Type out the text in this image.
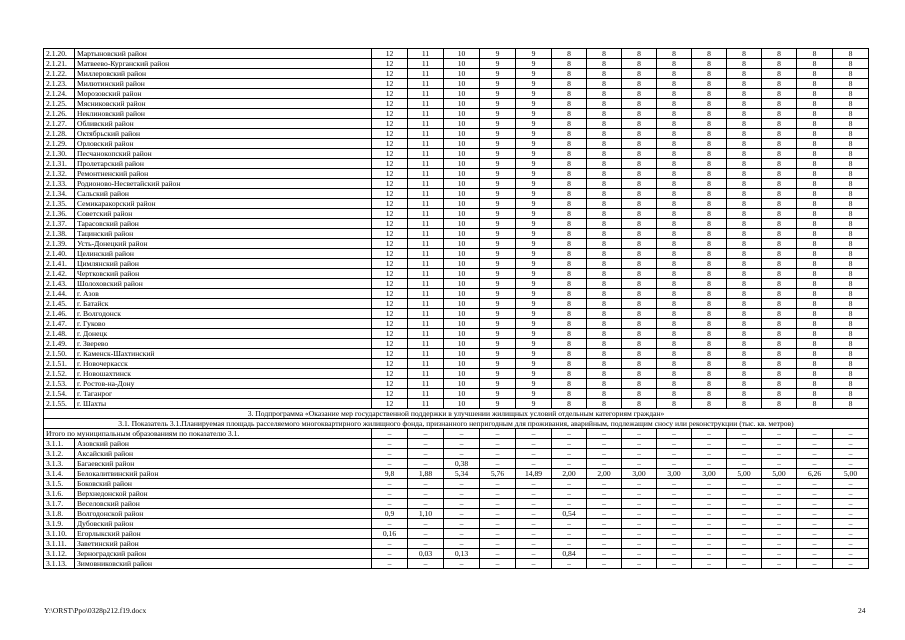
2.1.20.	Мартыновский район	12	11	10	9	9	8	8	8	8	8	8	8	8	8
2.1.21.	Матвеево-Курганский район	12	11	10	9	9	8	8	8	8	8	8	8	8	8
2.1.22.	Миллеровский район	12	11	10	9	9	8	8	8	8	8	8	8	8	8
2.1.23.	Милютинский район	12	11	10	9	9	8	8	8	8	8	8	8	8	8
2.1.24.	Морозовский район	12	11	10	9	9	8	8	8	8	8	8	8	8	8
2.1.25.	Мясниковский район	12	11	10	9	9	8	8	8	8	8	8	8	8	8
2.1.26.	Неклиновский район	12	11	10	9	9	8	8	8	8	8	8	8	8	8
2.1.27.	Обливский район	12	11	10	9	9	8	8	8	8	8	8	8	8	8
2.1.28.	Октябрьский район	12	11	10	9	9	8	8	8	8	8	8	8	8	8
2.1.29.	Орловский район	12	11	10	9	9	8	8	8	8	8	8	8	8	8
2.1.30.	Песчанокопский район	12	11	10	9	9	8	8	8	8	8	8	8	8	8
2.1.31.	Пролетарский район	12	11	10	9	9	8	8	8	8	8	8	8	8	8
2.1.32.	Ремонтненский район	12	11	10	9	9	8	8	8	8	8	8	8	8	8
2.1.33.	Родионово-Несветайский район	12	11	10	9	9	8	8	8	8	8	8	8	8	8
2.1.34.	Сальский район	12	11	10	9	9	8	8	8	8	8	8	8	8	8
2.1.35.	Семикаракорский район	12	11	10	9	9	8	8	8	8	8	8	8	8	8
2.1.36.	Советский район	12	11	10	9	9	8	8	8	8	8	8	8	8	8
2.1.37.	Тарасовский район	12	11	10	9	9	8	8	8	8	8	8	8	8	8
2.1.38.	Тацинский район	12	11	10	9	9	8	8	8	8	8	8	8	8	8
2.1.39.	Усть-Донецкий район	12	11	10	9	9	8	8	8	8	8	8	8	8	8
2.1.40.	Целинский район	12	11	10	9	9	8	8	8	8	8	8	8	8	8
2.1.41.	Цимлянский район	12	11	10	9	9	8	8	8	8	8	8	8	8	8
2.1.42.	Чертковский район	12	11	10	9	9	8	8	8	8	8	8	8	8	8
2.1.43.	Шолоховский район	12	11	10	9	9	8	8	8	8	8	8	8	8	8
2.1.44.	г. Азов	12	11	10	9	9	8	8	8	8	8	8	8	8	8
2.1.45.	г. Батайск	12	11	10	9	9	8	8	8	8	8	8	8	8	8
2.1.46.	г. Волгодонск	12	11	10	9	9	8	8	8	8	8	8	8	8	8
2.1.47.	г. Гуково	12	11	10	9	9	8	8	8	8	8	8	8	8	8
2.1.48.	г. Донецк	12	11	10	9	9	8	8	8	8	8	8	8	8	8
2.1.49.	г. Зверево	12	11	10	9	9	8	8	8	8	8	8	8	8	8
2.1.50.	г. Каменск-Шахтинский	12	11	10	9	9	8	8	8	8	8	8	8	8	8
2.1.51.	г. Новочеркасск	12	11	10	9	9	8	8	8	8	8	8	8	8	8
2.1.52.	г. Новошахтинск	12	11	10	9	9	8	8	8	8	8	8	8	8	8
2.1.53.	г. Ростов-на-Дону	12	11	10	9	9	8	8	8	8	8	8	8	8	8
2.1.54.	г. Таганрог	12	11	10	9	9	8	8	8	8	8	8	8	8	8
2.1.55.	г. Шахты	12	11	10	9	9	8	8	8	8	8	8	8	8	8
3. Подпрограмма «Оказание мер государственной поддержки в улучшении жилищных условий отдельным категориям граждан»															
3.1. Показатель 3.1.Планируемая площадь расселяемого многоквартирного жилищного фонда, признанного непригодным для проживания, аварийным, подлежащим сносу или реконструкции (тыс. кв. метров)															
Итого по муниципальным образованиям по показателю 3.1.		–	–	–	–	–	–	–	–	–	–	–	–	–	–
3.1.1.	Азовский район	–	–	–	–	–	–	–	–	–	–	–	–	–	–
3.1.2.	Аксайский район	–	–	–	–	–	–	–	–	–	–	–	–	–	–
3.1.3.	Багаевский район	–	–	0,38	–	–	–	–	–	–	–	–	–	–	–
3.1.4.	Белокалитвинский район	9,8	1,88	5,34	5,76	14,89	2,00	2,00	3,00	3,00	3,00	5,00	5,00	6,26	5,00
3.1.5.	Боковский район	–	–	–	–	–	–	–	–	–	–	–	–	–	–
3.1.6.	Верхнедонской район	–	–	–	–	–	–	–	–	–	–	–	–	–	–
3.1.7.	Веселовский район	–	–	–	–	–	–	–	–	–	–	–	–	–	–
3.1.8.	Волгодонской район	0,9	1,10	–	–	–	0,54	–	–	–	–	–	–	–	–
3.1.9.	Дубовский район	–	–	–	–	–	–	–	–	–	–	–	–	–	–
3.1.10.	Егорлыкский район	0,16	–	–	–	–	–	–	–	–	–	–	–	–	–
3.1.11.	Заветинский район	–	–	–	–	–	–	–	–	–	–	–	–	–	–
3.1.12.	Зерноградский район	–	0,03	0,13	–	–	0,84	–	–	–	–	–	–	–	–
3.1.13.	Зимовниковский район	–	–	–	–	–	–	–	–	–	–	–	–	–	–
Y:\ORST\Ppo\0328p212.f19.docx	24
